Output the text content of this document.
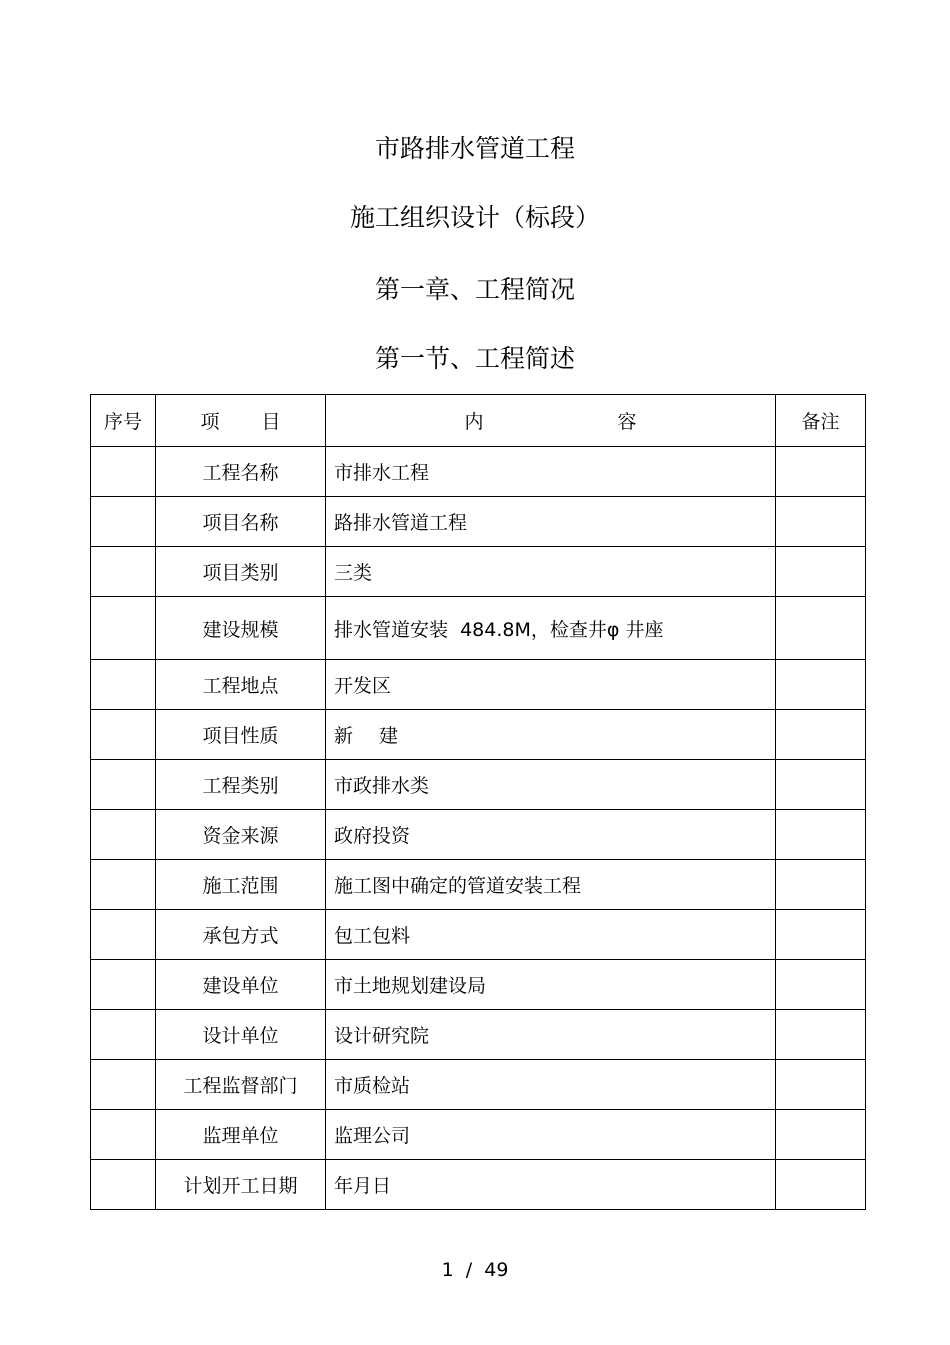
市路排水管道工程
施工组织设计（标段）
第一章、工程简况
第一节、工程简述
序号	项 目	内 容	备注
	工程名称	市排水工程	
	项目名称	路排水管道工程	
	项目类别	三类	
	建设规模	排水管道安装  484.8M，检查井φ 井座	
	工程地点	开发区	
	项目性质	新 建	

	工程类别	市政排水类	
	资金来源	政府投资	
	施工范围	施工图中确定的管道安装工程	
	承包方式	包工包料	
	建设单位	市土地规划建设局	
	设计单位	设计研究院	
	工程监督部门	市质检站	
	监理单位	监理公司	
	计划开工日期	年月日	
1  /  49
